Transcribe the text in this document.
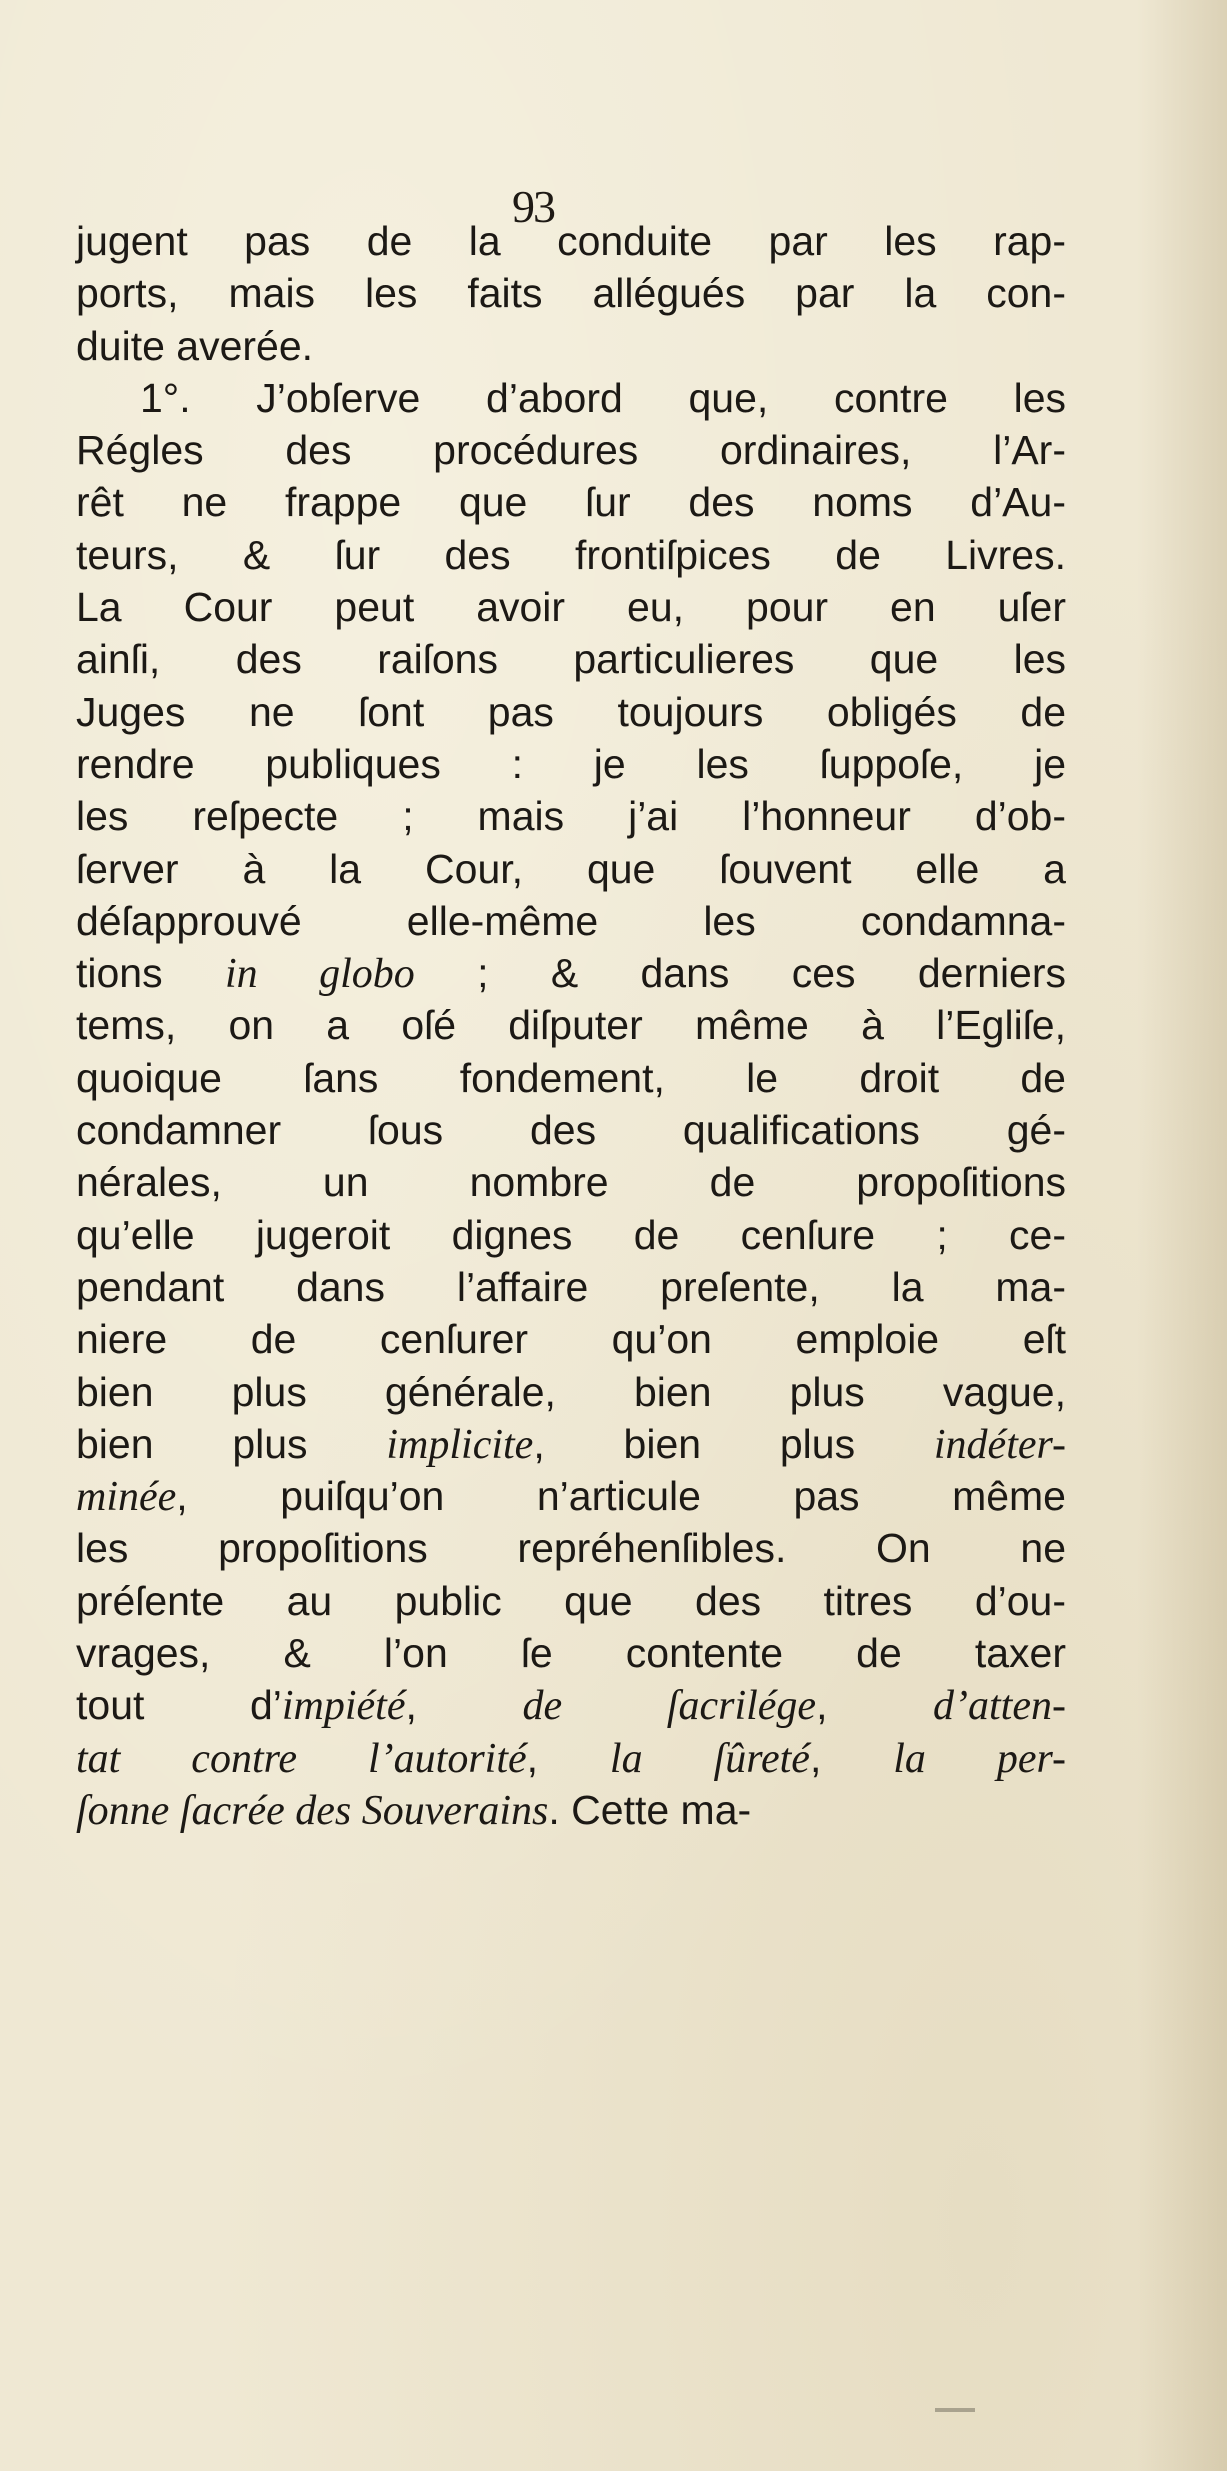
93
jugent pas de la conduite par les rap-
ports, mais les faits allégués par la con-
duite averée.
1°. J’obſerve d’abord que, contre les
Régles des procédures ordinaires, l’Ar-
rêt ne frappe que ſur des noms d’Au-
teurs, & ſur des frontiſpices de Livres.
La Cour peut avoir eu, pour en uſer
ainſi, des raiſons particulieres que les
Juges ne ſont pas toujours obligés de
rendre publiques : je les ſuppoſe, je
les reſpecte ; mais j’ai l’honneur d’ob-
ſerver à la Cour, que ſouvent elle a
déſapprouvé elle-même les condamna-
tions in globo ; & dans ces derniers
tems, on a oſé diſputer même à l’Egliſe,
quoique ſans fondement, le droit de
condamner ſous des qualifications gé-
nérales, un nombre de propoſitions
qu’elle jugeroit dignes de cenſure ; ce-
pendant dans l’affaire preſente, la ma-
niere de cenſurer qu’on emploie eſt
bien plus générale, bien plus vague,
bien plus implicite, bien plus indéter-
minée, puiſqu’on n’articule pas même
les propoſitions repréhenſibles. On ne
préſente au public que des titres d’ou-
vrages, & l’on ſe contente de taxer
tout d’impiété, de ſacrilége, d’atten-
tat contre l’autorité, la ſûreté, la per-
ſonne ſacrée des Souverains. Cette ma-
